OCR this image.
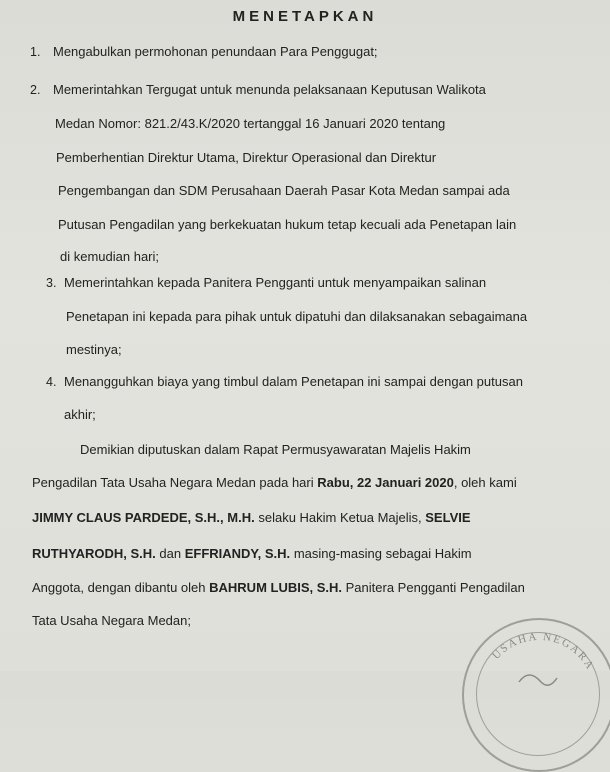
MENETAPKAN
1. Mengabulkan permohonan penundaan Para Penggugat;
2. Memerintahkan Tergugat untuk menunda pelaksanaan Keputusan Walikota
Medan Nomor: 821.2/43.K/2020 tertanggal 16 Januari 2020 tentang
Pemberhentian Direktur Utama, Direktur Operasional dan Direktur
Pengembangan dan SDM Perusahaan Daerah Pasar Kota Medan sampai ada
Putusan Pengadilan yang berkekuatan hukum tetap kecuali ada Penetapan lain
di kemudian hari;
3. Memerintahkan kepada Panitera Pengganti untuk menyampaikan salinan
Penetapan ini kepada para pihak untuk dipatuhi dan dilaksanakan sebagaimana
mestinya;
4. Menangguhkan biaya yang timbul dalam Penetapan ini sampai dengan putusan
akhir;
Demikian diputuskan dalam Rapat Permusyawaratan Majelis Hakim
Pengadilan Tata Usaha Negara Medan pada hari Rabu, 22 Januari 2020, oleh kami
JIMMY CLAUS PARDEDE, S.H., M.H. selaku Hakim Ketua Majelis, SELVIE
RUTHYARODH, S.H. dan EFFRIANDY, S.H. masing-masing sebagai Hakim
Anggota, dengan dibantu oleh BAHRUM LUBIS, S.H. Panitera Pengganti Pengadilan
Tata Usaha Negara Medan;
USAHA NEGARA
